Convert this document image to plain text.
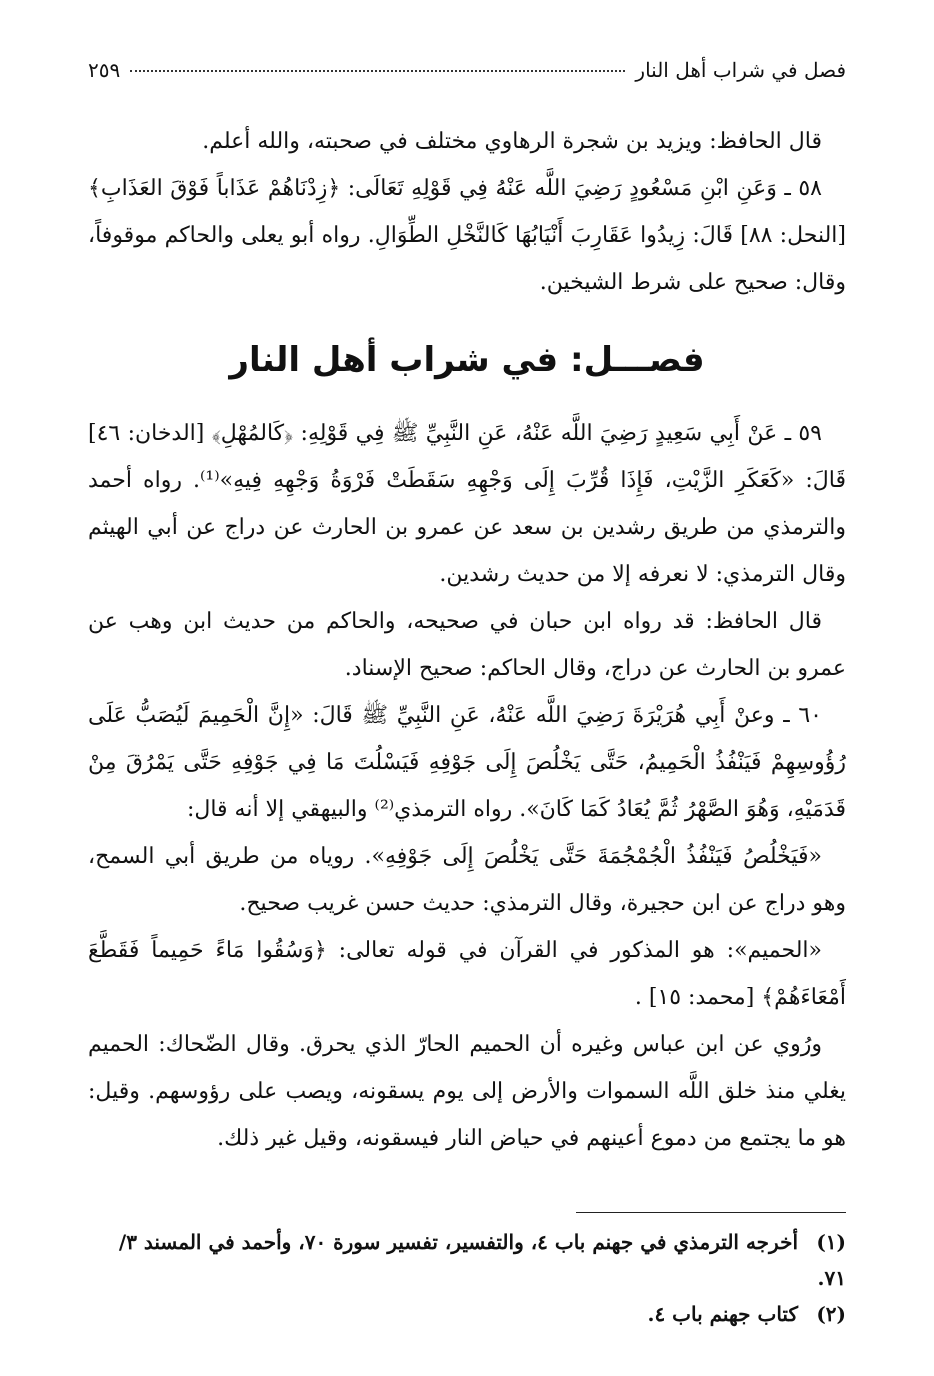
فصل في شراب أهل النار
٢٥٩

قال الحافظ: ويزيد بن شجرة الرهاوي مختلف في صحبته، والله أعلم.

٥٨ ـ وَعَنِ ابْنِ مَسْعُودٍ رَضِيَ اللَّه عَنْهُ فِي قَوْلِهِ تَعَالَى: ﴿زِدْنَاهُمْ عَذَاباً فَوْقَ العَذَابِ﴾ [النحل: ٨٨] قَالَ: زِيدُوا عَقَارِبَ أَنْيَابُهَا كَالنَّخْلِ الطِّوَالِ. رواه أبو يعلى والحاكم موقوفاً، وقال: صحيح على شرط الشيخين.

فصـــل: في شراب أهل النار

٥٩ ـ عَنْ أَبِي سَعِيدٍ رَضِيَ اللَّه عَنْهُ، عَنِ النَّبِيِّ ﷺ فِي قَوْلِهِ: ﴿كَالمُهْلِ﴾ [الدخان: ٤٦] قَالَ: «كَعَكَرِ الزَّيْتِ، فَإِذَا قُرِّبَ إِلَى وَجْهِهِ سَقَطَتْ فَرْوَةُ وَجْهِهِ فِيهِ»⁽¹⁾. رواه أحمد والترمذي من طريق رشدين بن سعد عن عمرو بن الحارث عن دراج عن أبي الهيثم وقال الترمذي: لا نعرفه إلا من حديث رشدين.

قال الحافظ: قد رواه ابن حبان في صحيحه، والحاكم من حديث ابن وهب عن عمرو بن الحارث عن دراج، وقال الحاكم: صحيح الإسناد.

٦٠ ـ وعنْ أَبِي هُرَيْرَةَ رَضِيَ اللَّه عَنْهُ، عَنِ النَّبِيِّ ﷺ قَالَ: «إِنَّ الْحَمِيمَ لَيُصَبُّ عَلَى رُؤُوسِهِمْ فَيَنْفُذُ الْحَمِيمُ، حَتَّى يَخْلُصَ إِلَى جَوْفِهِ فَيَسْلُتَ مَا فِي جَوْفِهِ حَتَّى يَمْرُقَ مِنْ قَدَمَيْهِ، وَهُوَ الصَّهْرُ ثُمَّ يُعَادُ كَمَا كَانَ». رواه الترمذي⁽²⁾ والبيهقي إلا أنه قال:

«فَيَخْلُصُ فَيَنْفُذُ الْجُمْجُمَةَ حَتَّى يَخْلُصَ إِلَى جَوْفِهِ». روياه من طريق أبي السمح، وهو دراج عن ابن حجيرة، وقال الترمذي: حديث حسن غريب صحيح.

«الحميم»: هو المذكور في القرآن في قوله تعالى: ﴿وَسُقُوا مَاءً حَمِيماً فَقَطَّعَ أَمْعَاءَهُمْ﴾ [محمد: ١٥] .

ورُوي عن ابن عباس وغيره أن الحميم الحارّ الذي يحرق. وقال الضّحاك: الحميم يغلي منذ خلق اللَّه السموات والأرض إلى يوم يسقونه، ويصب على رؤوسهم. وقيل: هو ما يجتمع من دموع أعينهم في حياض النار فيسقونه، وقيل غير ذلك.

(١)أخرجه الترمذي في جهنم باب ٤، والتفسير، تفسير سورة ٧٠، وأحمد في المسند ٣/ ٧١.
(٢)كتاب جهنم باب ٤.
